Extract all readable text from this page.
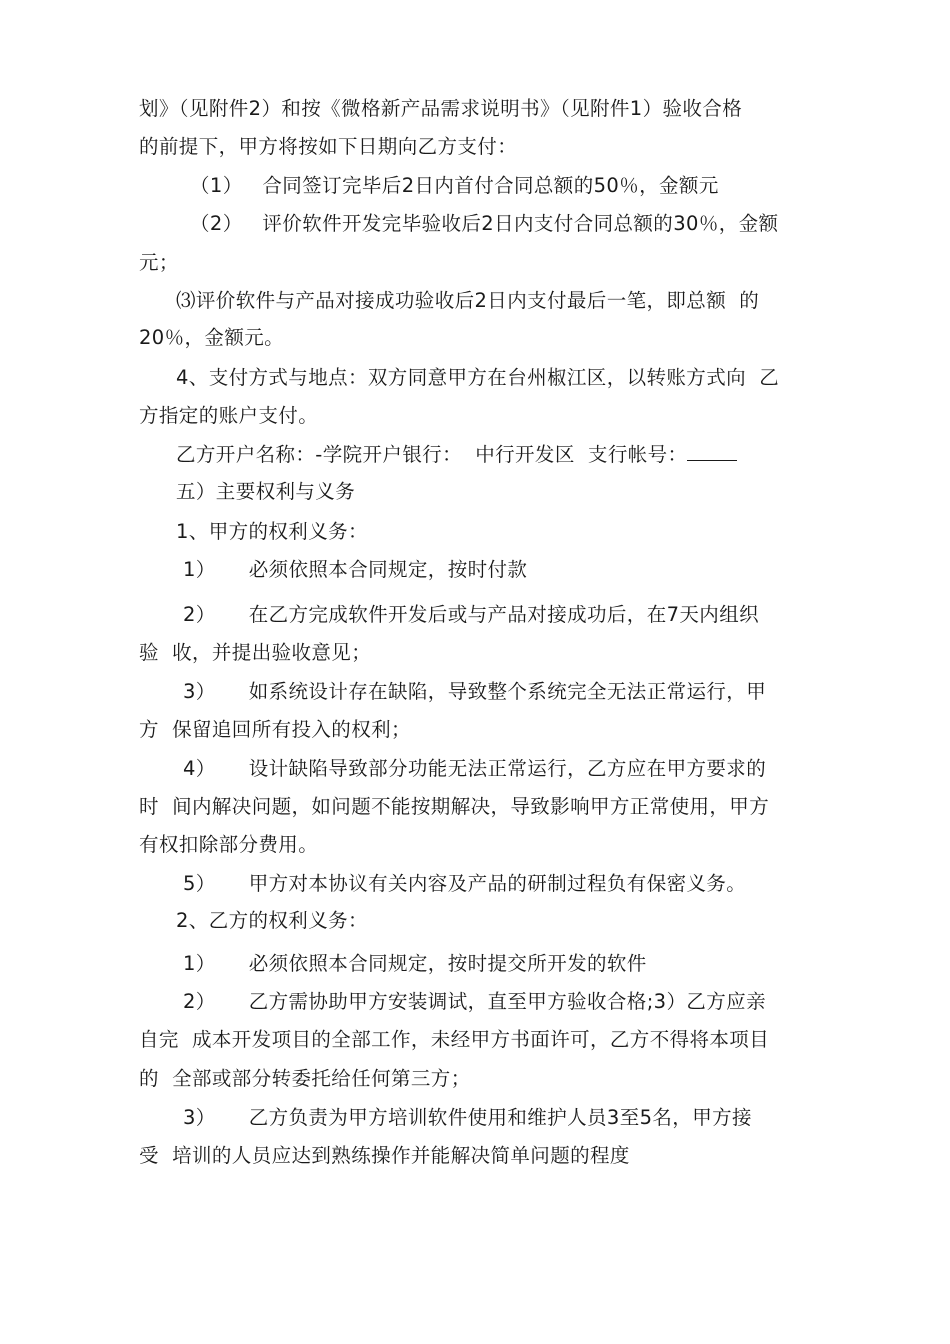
划》（见附件2）和按《微格新产品需求说明书》（见附件1）验收合格
的前提下，甲方将按如下日期向乙方支付：
（1）   合同签订完毕后2日内首付合同总额的50％，金额元
（2）   评价软件开发完毕验收后2日内支付合同总额的30％，金额
元；
⑶评价软件与产品对接成功验收后2日内支付最后一笔，即总额  的
20％，金额元。
4、支付方式与地点：双方同意甲方在台州椒江区，以转账方式向  乙
方指定的账户支付。
乙方开户名称：-学院开户银行：  中行开发区  支行帐号：
五）主要权利与义务
1、甲方的权利义务：
1）     必须依照本合同规定，按时付款
2）     在乙方完成软件开发后或与产品对接成功后，在7天内组织
验  收，并提出验收意见；
3）     如系统设计存在缺陷，导致整个系统完全无法正常运行，甲
方  保留追回所有投入的权利；
4）     设计缺陷导致部分功能无法正常运行，乙方应在甲方要求的
时  间内解决问题，如问题不能按期解决，导致影响甲方正常使用，甲方
有权扣除部分费用。
5）     甲方对本协议有关内容及产品的研制过程负有保密义务。
2、乙方的权利义务：
1）     必须依照本合同规定，按时提交所开发的软件
2）     乙方需协助甲方安装调试，直至甲方验收合格;3）乙方应亲
自完  成本开发项目的全部工作，未经甲方书面许可，乙方不得将本项目
的  全部或部分转委托给任何第三方；
3）     乙方负责为甲方培训软件使用和维护人员3至5名，甲方接
受  培训的人员应达到熟练操作并能解决简单问题的程度
